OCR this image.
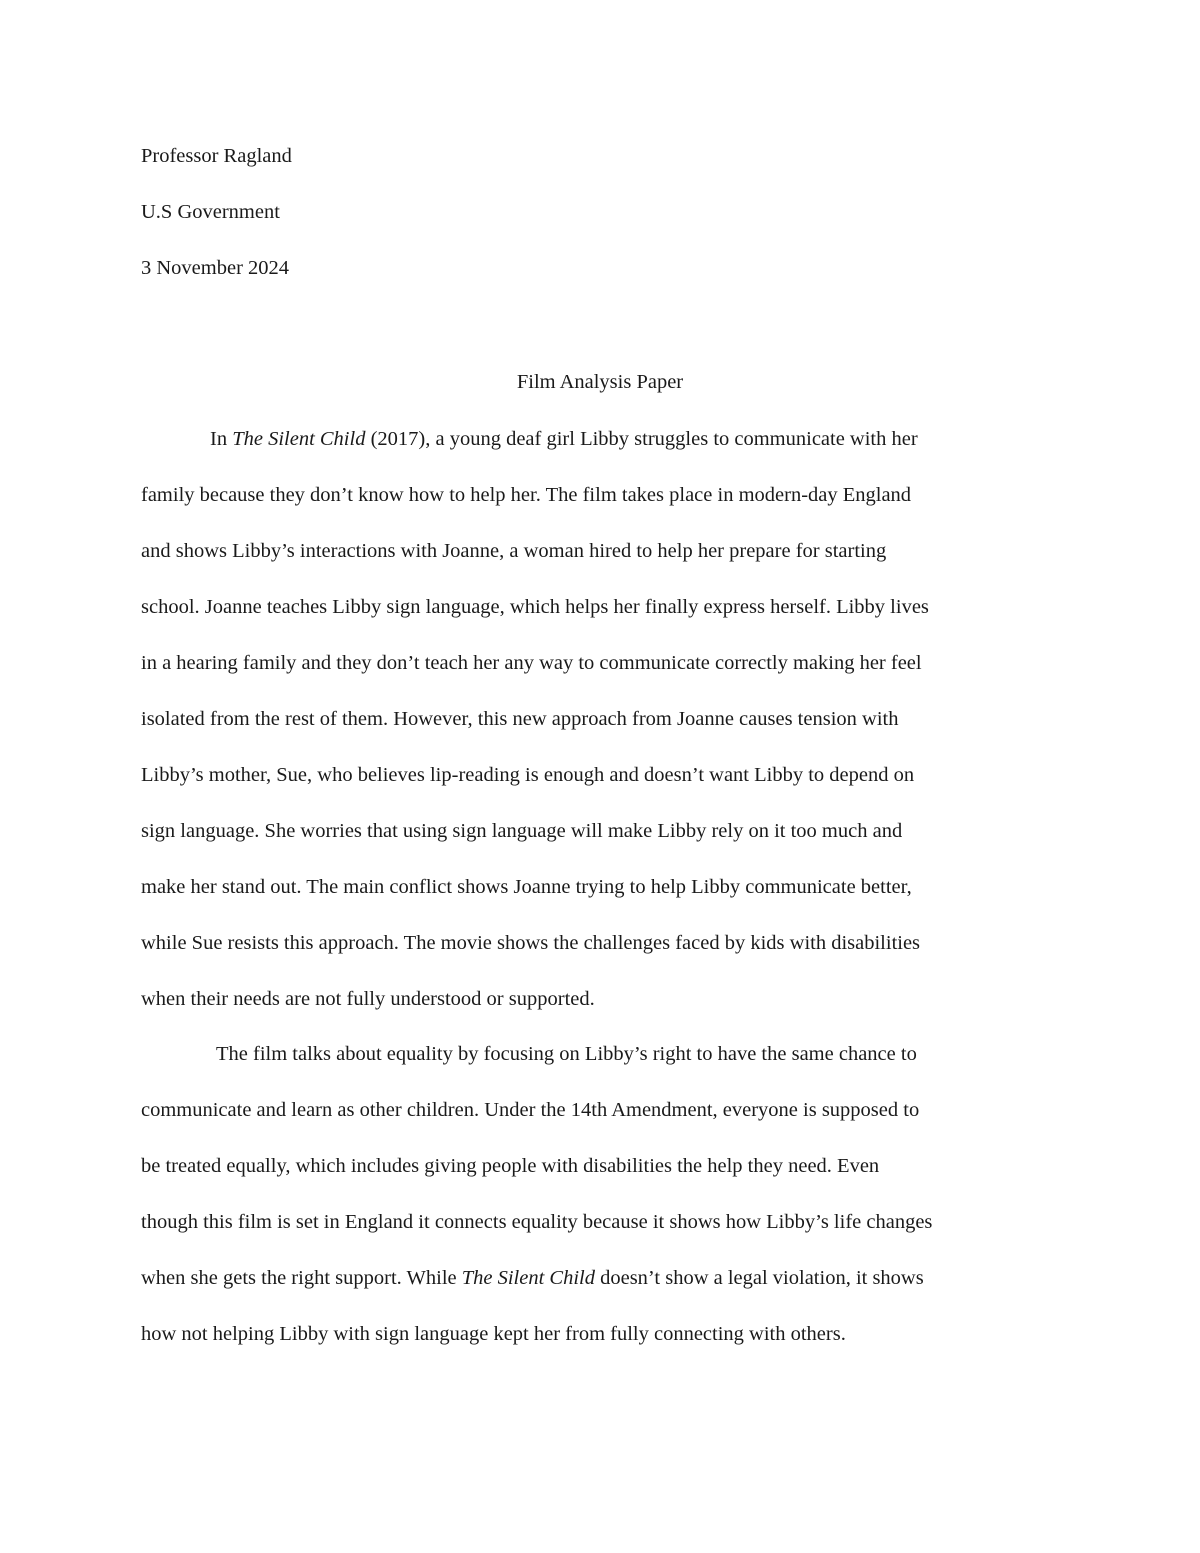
Professor Ragland
U.S Government
3 November 2024
Film Analysis Paper
In The Silent Child (2017), a young deaf girl Libby struggles to communicate with her
family because they don’t know how to help her. The film takes place in modern-day England
and shows Libby’s interactions with Joanne, a woman hired to help her prepare for starting
school. Joanne teaches Libby sign language, which helps her finally express herself. Libby lives
in a hearing family and they don’t teach her any way to communicate correctly making her feel
isolated from the rest of them. However, this new approach from Joanne causes tension with
Libby’s mother, Sue, who believes lip-reading is enough and doesn’t want Libby to depend on
sign language. She worries that using sign language will make Libby rely on it too much and
make her stand out. The main conflict shows Joanne trying to help Libby communicate better,
while Sue resists this approach. The movie shows the challenges faced by kids with disabilities
when their needs are not fully understood or supported.
The film talks about equality by focusing on Libby’s right to have the same chance to
communicate and learn as other children. Under the 14th Amendment, everyone is supposed to
be treated equally, which includes giving people with disabilities the help they need. Even
though this film is set in England it connects equality because it shows how Libby’s life changes
when she gets the right support. While The Silent Child doesn’t show a legal violation, it shows
how not helping Libby with sign language kept her from fully connecting with others.
